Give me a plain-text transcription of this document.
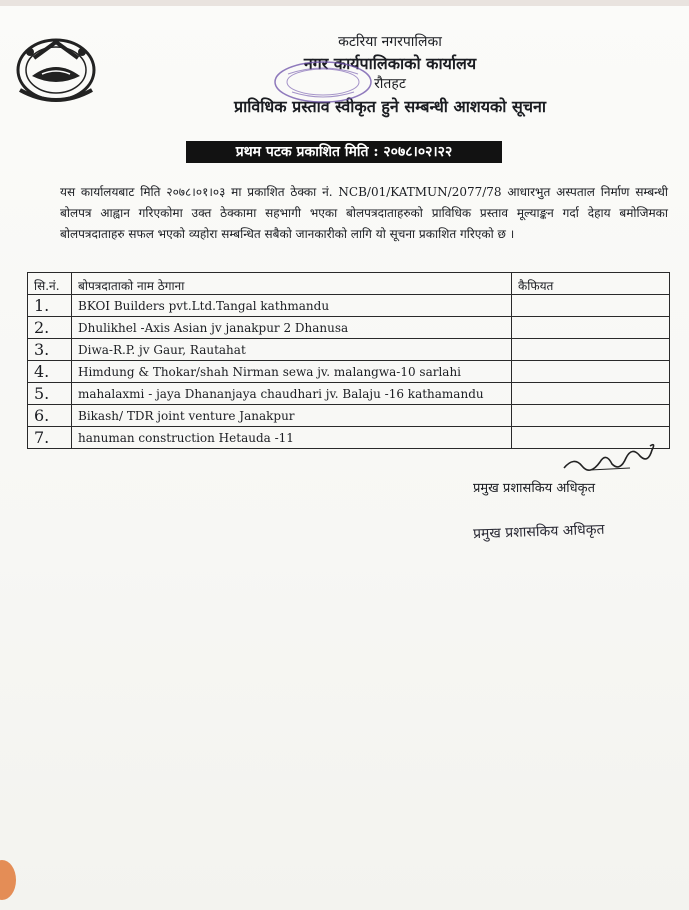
कटरिया नगरपालिका
नगर कार्यपालिकाको कार्यालय
रौतहट
प्राविधिक प्रस्ताव स्वीकृत हुने सम्बन्धी आशयको सूचना
प्रथम पटक प्रकाशित मिति : २०७८।०२।२२
यस कार्यालयबाट मिति २०७८।०१।०३ मा प्रकाशित ठेक्का नं. NCB/01/KATMUN/2077/78 आधारभुत अस्पताल निर्माण सम्बन्धी बोलपत्र आह्वान गरिएकोमा उक्त ठेक्कामा सहभागी भएका बोलपत्रदाताहरुको प्राविधिक प्रस्ताव मूल्याङ्कन गर्दा देहाय बमोजिमका बोलपत्रदाताहरु सफल भएको व्यहोरा सम्बन्धित सबैको जानकारीको लागि यो सूचना प्रकाशित गरिएको छ ।
सि.नं.	बोपत्रदाताको नाम ठेगाना	कैफियत
1.	BKOI Builders pvt.Ltd.Tangal kathmandu	
2.	Dhulikhel -Axis Asian jv janakpur 2 Dhanusa	
3.	Diwa-R.P. jv Gaur, Rautahat	
4.	Himdung & Thokar/shah Nirman sewa jv. malangwa-10 sarlahi	
5.	mahalaxmi - jaya Dhananjaya chaudhari jv. Balaju -16 kathamandu	
6.	Bikash/ TDR joint venture Janakpur	
7.	hanuman construction Hetauda -11	
प्रमुख प्रशासकिय अधिकृत
प्रमुख प्रशासकिय अधिकृत
